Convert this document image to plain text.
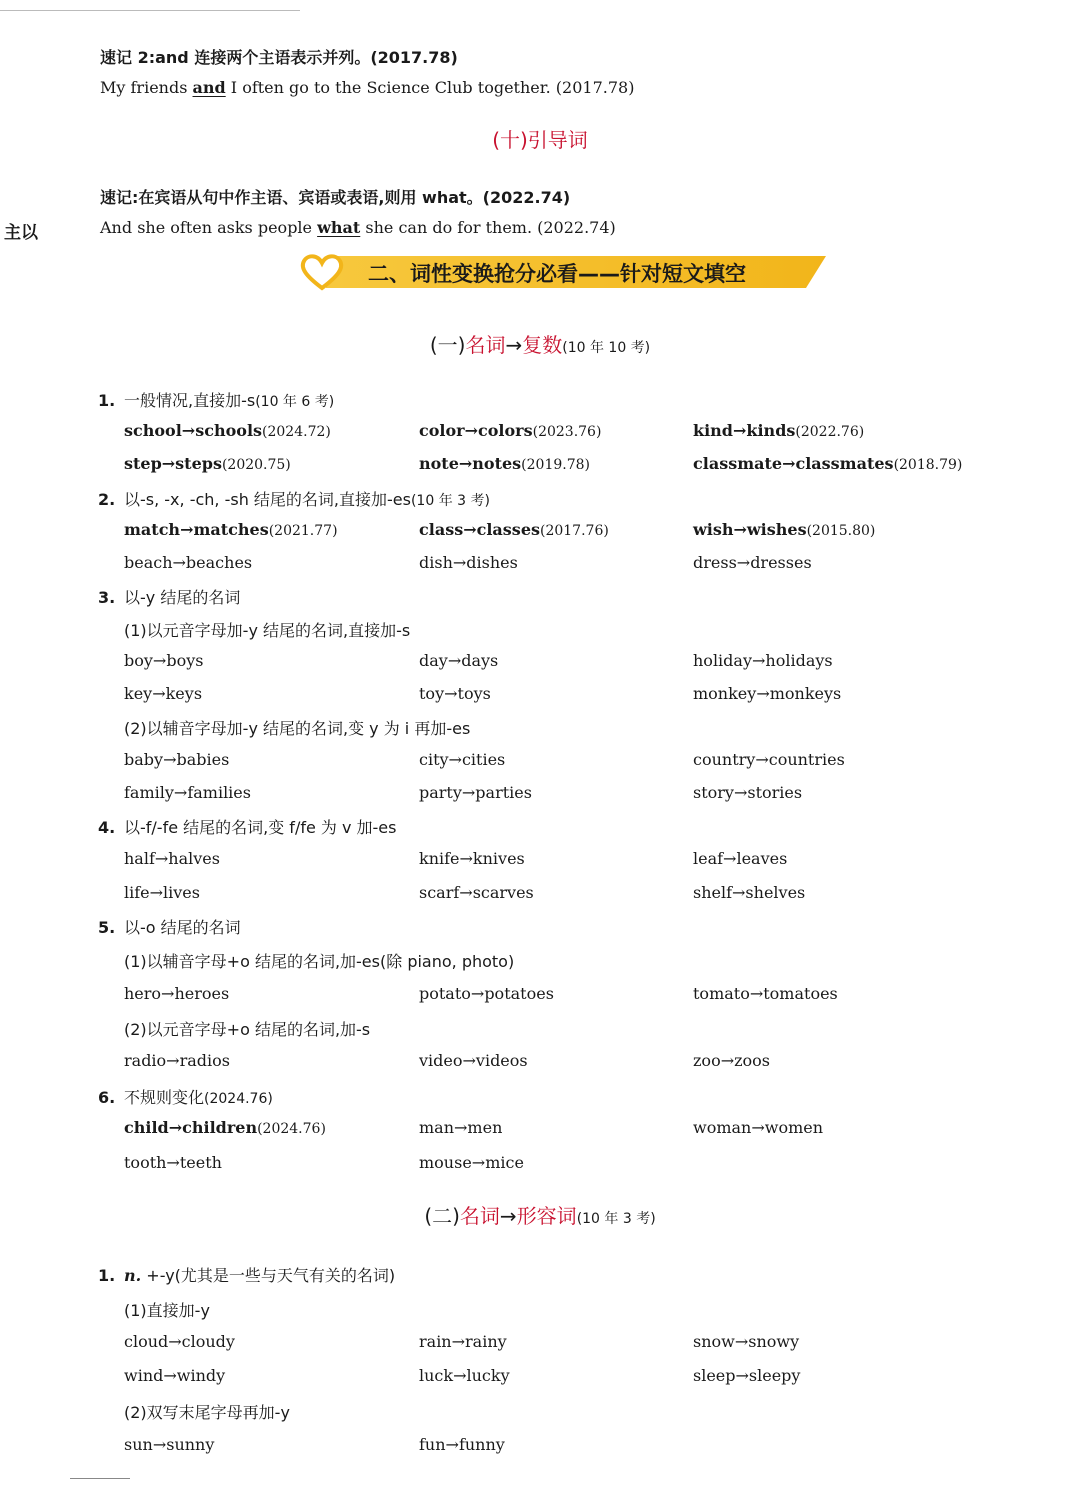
主以
速记 2:and 连接两个主语表示并列。(2017.78)
My friends and I often go to the Science Club together. (2017.78)
(十)引导词
速记:在宾语从句中作主语、宾语或表语,则用 what。(2022.74)
And she often asks people what she can do for them. (2022.74)
二、词性变换抢分必看——针对短文填空
(一)名词→复数(10 年 10 考)
1. 一般情况,直接加-s(10 年 6 考)
school→schools(2024.72)	color→colors(2023.76)	kind→kinds(2022.76)
step→steps(2020.75)	note→notes(2019.78)	classmate→classmates(2018.79)
2. 以-s, -x, -ch, -sh 结尾的名词,直接加-es(10 年 3 考)
match→matches(2021.77)	class→classes(2017.76)	wish→wishes(2015.80)
beach→beaches	dish→dishes	dress→dresses
3. 以-y 结尾的名词
(1)以元音字母加-y 结尾的名词,直接加-s
boy→boys	day→days	holiday→holidays
key→keys	toy→toys	monkey→monkeys
(2)以辅音字母加-y 结尾的名词,变 y 为 i 再加-es
baby→babies	city→cities	country→countries
family→families	party→parties	story→stories
4. 以-f/-fe 结尾的名词,变 f/fe 为 v 加-es
half→halves	knife→knives	leaf→leaves
life→lives	scarf→scarves	shelf→shelves
5. 以-o 结尾的名词
(1)以辅音字母+o 结尾的名词,加-es(除 piano, photo)
hero→heroes	potato→potatoes	tomato→tomatoes
(2)以元音字母+o 结尾的名词,加-s
radio→radios	video→videos	zoo→zoos
6. 不规则变化(2024.76)
child→children(2024.76)	man→men	woman→women
tooth→teeth	mouse→mice
(二)名词→形容词(10 年 3 考)
1. n. +-y(尤其是一些与天气有关的名词)
(1)直接加-y
cloud→cloudy	rain→rainy	snow→snowy
wind→windy	luck→lucky	sleep→sleepy
(2)双写末尾字母再加-y
sun→sunny	fun→funny
